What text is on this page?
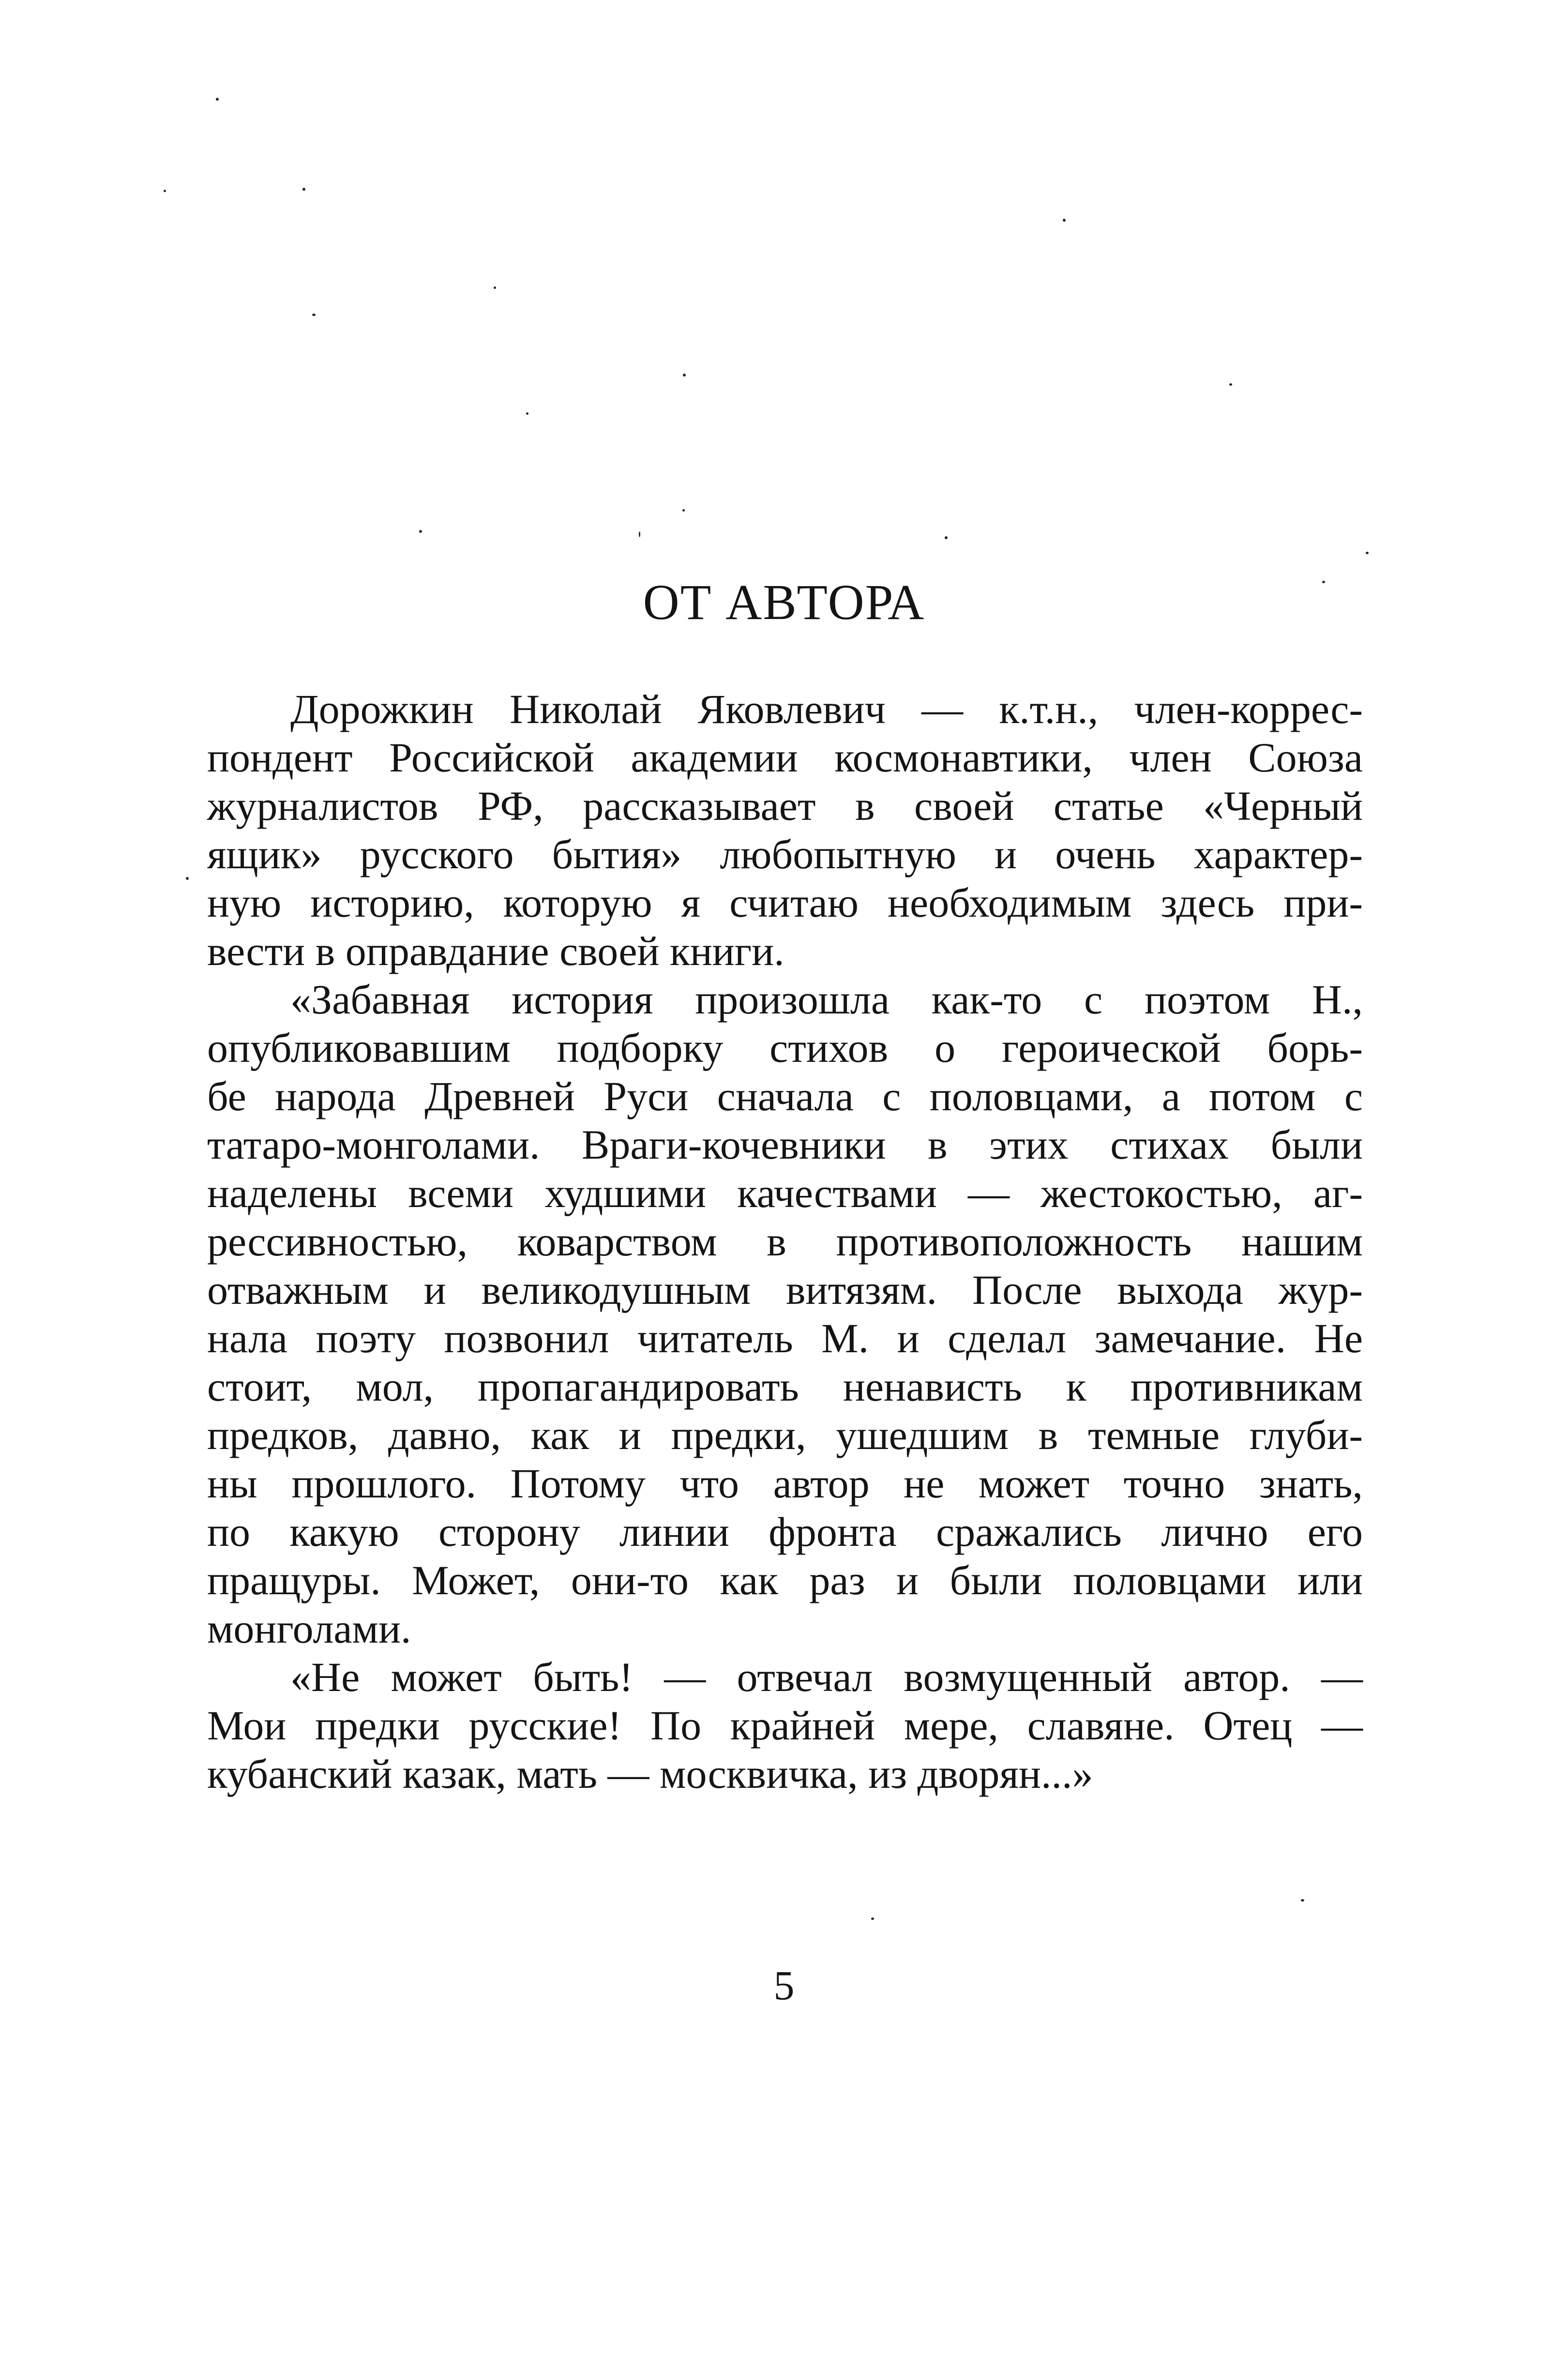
ОТ АВТОРА
Дорожкин Николай Яковлевич — к.т.н., член-коррес-
пондент Российской академии космонавтики, член Союза
журналистов РФ, рассказывает в своей статье «Черный
ящик» русского бытия» любопытную и очень характер-
ную историю, которую я считаю необходимым здесь при-
вести в оправдание своей книги.
«Забавная история произошла как-то с поэтом Н.,
опубликовавшим подборку стихов о героической борь-
бе народа Древней Руси сначала с половцами, а потом с
татаро-монголами. Враги-кочевники в этих стихах были
наделены всеми худшими качествами — жестокостью, аг-
рессивностью, коварством в противоположность нашим
отважным и великодушным витязям. После выхода жур-
нала поэту позвонил читатель М. и сделал замечание. Не
стоит, мол, пропагандировать ненависть к противникам
предков, давно, как и предки, ушедшим в темные глуби-
ны прошлого. Потому что автор не может точно знать,
по какую сторону линии фронта сражались лично его
пращуры. Может, они-то как раз и были половцами или
монголами.
«Не может быть! — отвечал возмущенный автор. —
Мои предки русские! По крайней мере, славяне. Отец —
кубанский казак, мать — москвичка, из дворян...»
5
